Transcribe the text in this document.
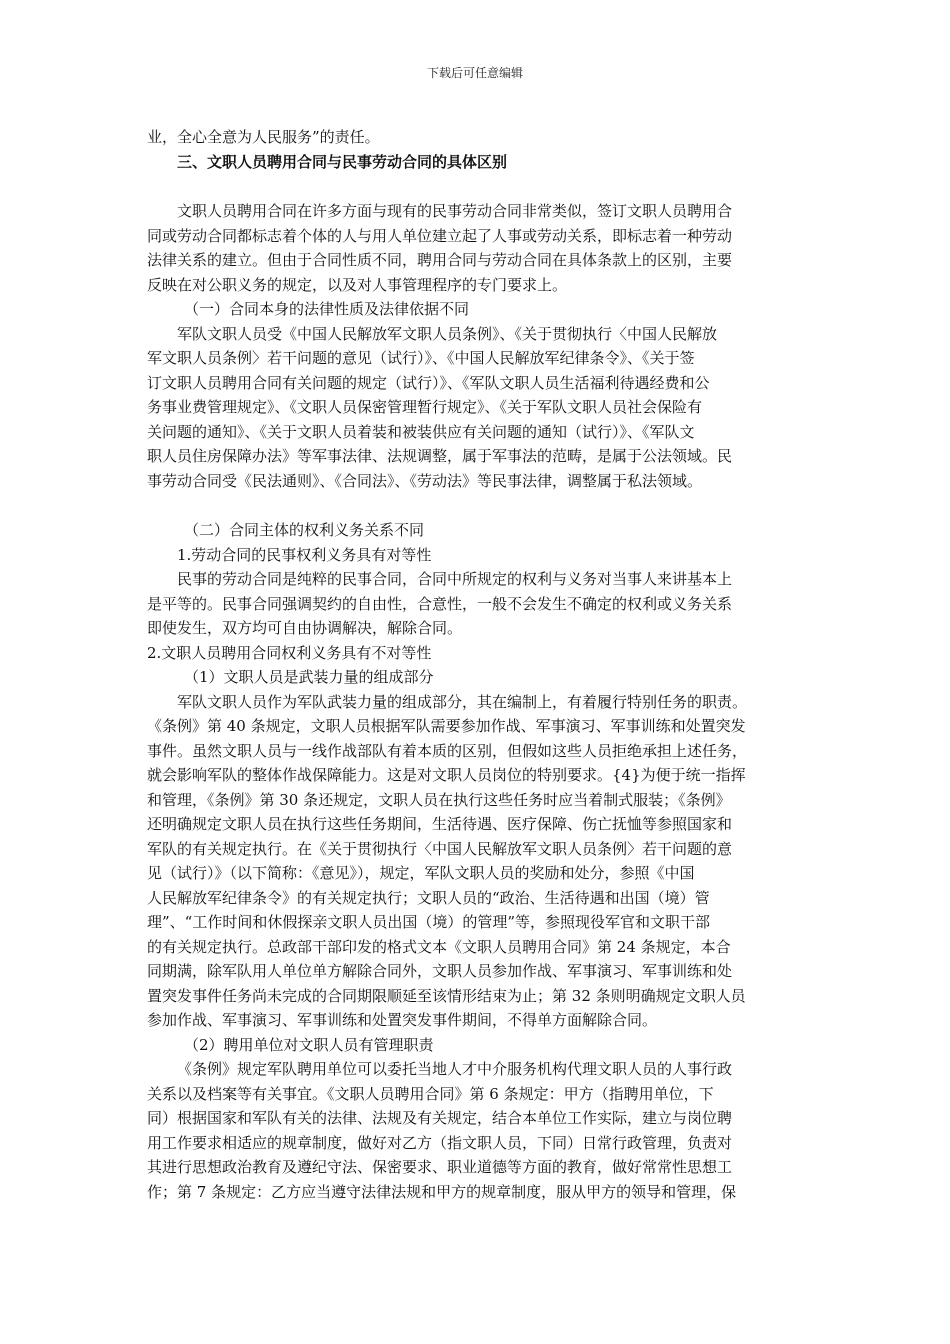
下载后可任意编辑
业，全心全意为人民服务”的责任。
三、文职人员聘用合同与民事劳动合同的具体区别
文职人员聘用合同在许多方面与现有的民事劳动合同非常类似，签订文职人员聘用合
同或劳动合同都标志着个体的人与用人单位建立起了人事或劳动关系，即标志着一种劳动
法律关系的建立。但由于合同性质不同，聘用合同与劳动合同在具体条款上的区别，主要
反映在对公职义务的规定，以及对人事管理程序的专门要求上。
（一）合同本身的法律性质及法律依据不同
军队文职人员受《中国人民解放军文职人员条例》、《关于贯彻执行〈中国人民解放
军文职人员条例〉若干问题的意见（试行）》、《中国人民解放军纪律条令》、《关于签
订文职人员聘用合同有关问题的规定（试行）》、《军队文职人员生活福利待遇经费和公
务事业费管理规定》、《文职人员保密管理暂行规定》、《关于军队文职人员社会保险有
关问题的通知》、《关于文职人员着装和被装供应有关问题的通知（试行）》、《军队文
职人员住房保障办法》等军事法律、法规调整，属于军事法的范畴，是属于公法领域。民
事劳动合同受《民法通则》、《合同法》、《劳动法》等民事法律，调整属于私法领域。
（二）合同主体的权利义务关系不同
1.劳动合同的民事权利义务具有对等性
民事的劳动合同是纯粹的民事合同，合同中所规定的权利与义务对当事人来讲基本上
是平等的。民事合同强调契约的自由性，合意性，一般不会发生不确定的权利或义务关系
即使发生，双方均可自由协调解决，解除合同。
2.文职人员聘用合同权利义务具有不对等性
（1）文职人员是武装力量的组成部分
军队文职人员作为军队武装力量的组成部分，其在编制上，有着履行特别任务的职责。
《条例》第 40 条规定，文职人员根据军队需要参加作战、军事演习、军事训练和处置突发
事件。虽然文职人员与一线作战部队有着本质的区别，但假如这些人员拒绝承担上述任务，
就会影响军队的整体作战保障能力。这是对文职人员岗位的特别要求。{4}为便于统一指挥
和管理，《条例》第 30 条还规定，文职人员在执行这些任务时应当着制式服装；《条例》
还明确规定文职人员在执行这些任务期间，生活待遇、医疗保障、伤亡抚恤等参照国家和
军队的有关规定执行。在《关于贯彻执行〈中国人民解放军文职人员条例〉若干问题的意
见（试行）》（以下简称：《意见》），规定，军队文职人员的奖励和处分，参照《中国
人民解放军纪律条令》的有关规定执行；文职人员的“政治、生活待遇和出国（境）管
理”、“工作时间和休假探亲文职人员出国（境）的管理”等，参照现役军官和文职干部
的有关规定执行。总政部干部印发的格式文本《文职人员聘用合同》第 24 条规定，本合
同期满，除军队用人单位单方解除合同外，文职人员参加作战、军事演习、军事训练和处
置突发事件任务尚未完成的合同期限顺延至该情形结束为止；第 32 条则明确规定文职人员
参加作战、军事演习、军事训练和处置突发事件期间，不得单方面解除合同。
（2）聘用单位对文职人员有管理职责
《条例》规定军队聘用单位可以委托当地人才中介服务机构代理文职人员的人事行政
关系以及档案等有关事宜。《文职人员聘用合同》第 6 条规定：甲方（指聘用单位，下
同）根据国家和军队有关的法律、法规及有关规定，结合本单位工作实际，建立与岗位聘
用工作要求相适应的规章制度，做好对乙方（指文职人员，下同）日常行政管理，负责对
其进行思想政治教育及遵纪守法、保密要求、职业道德等方面的教育，做好常常性思想工
作；第 7 条规定：乙方应当遵守法律法规和甲方的规章制度，服从甲方的领导和管理，保
